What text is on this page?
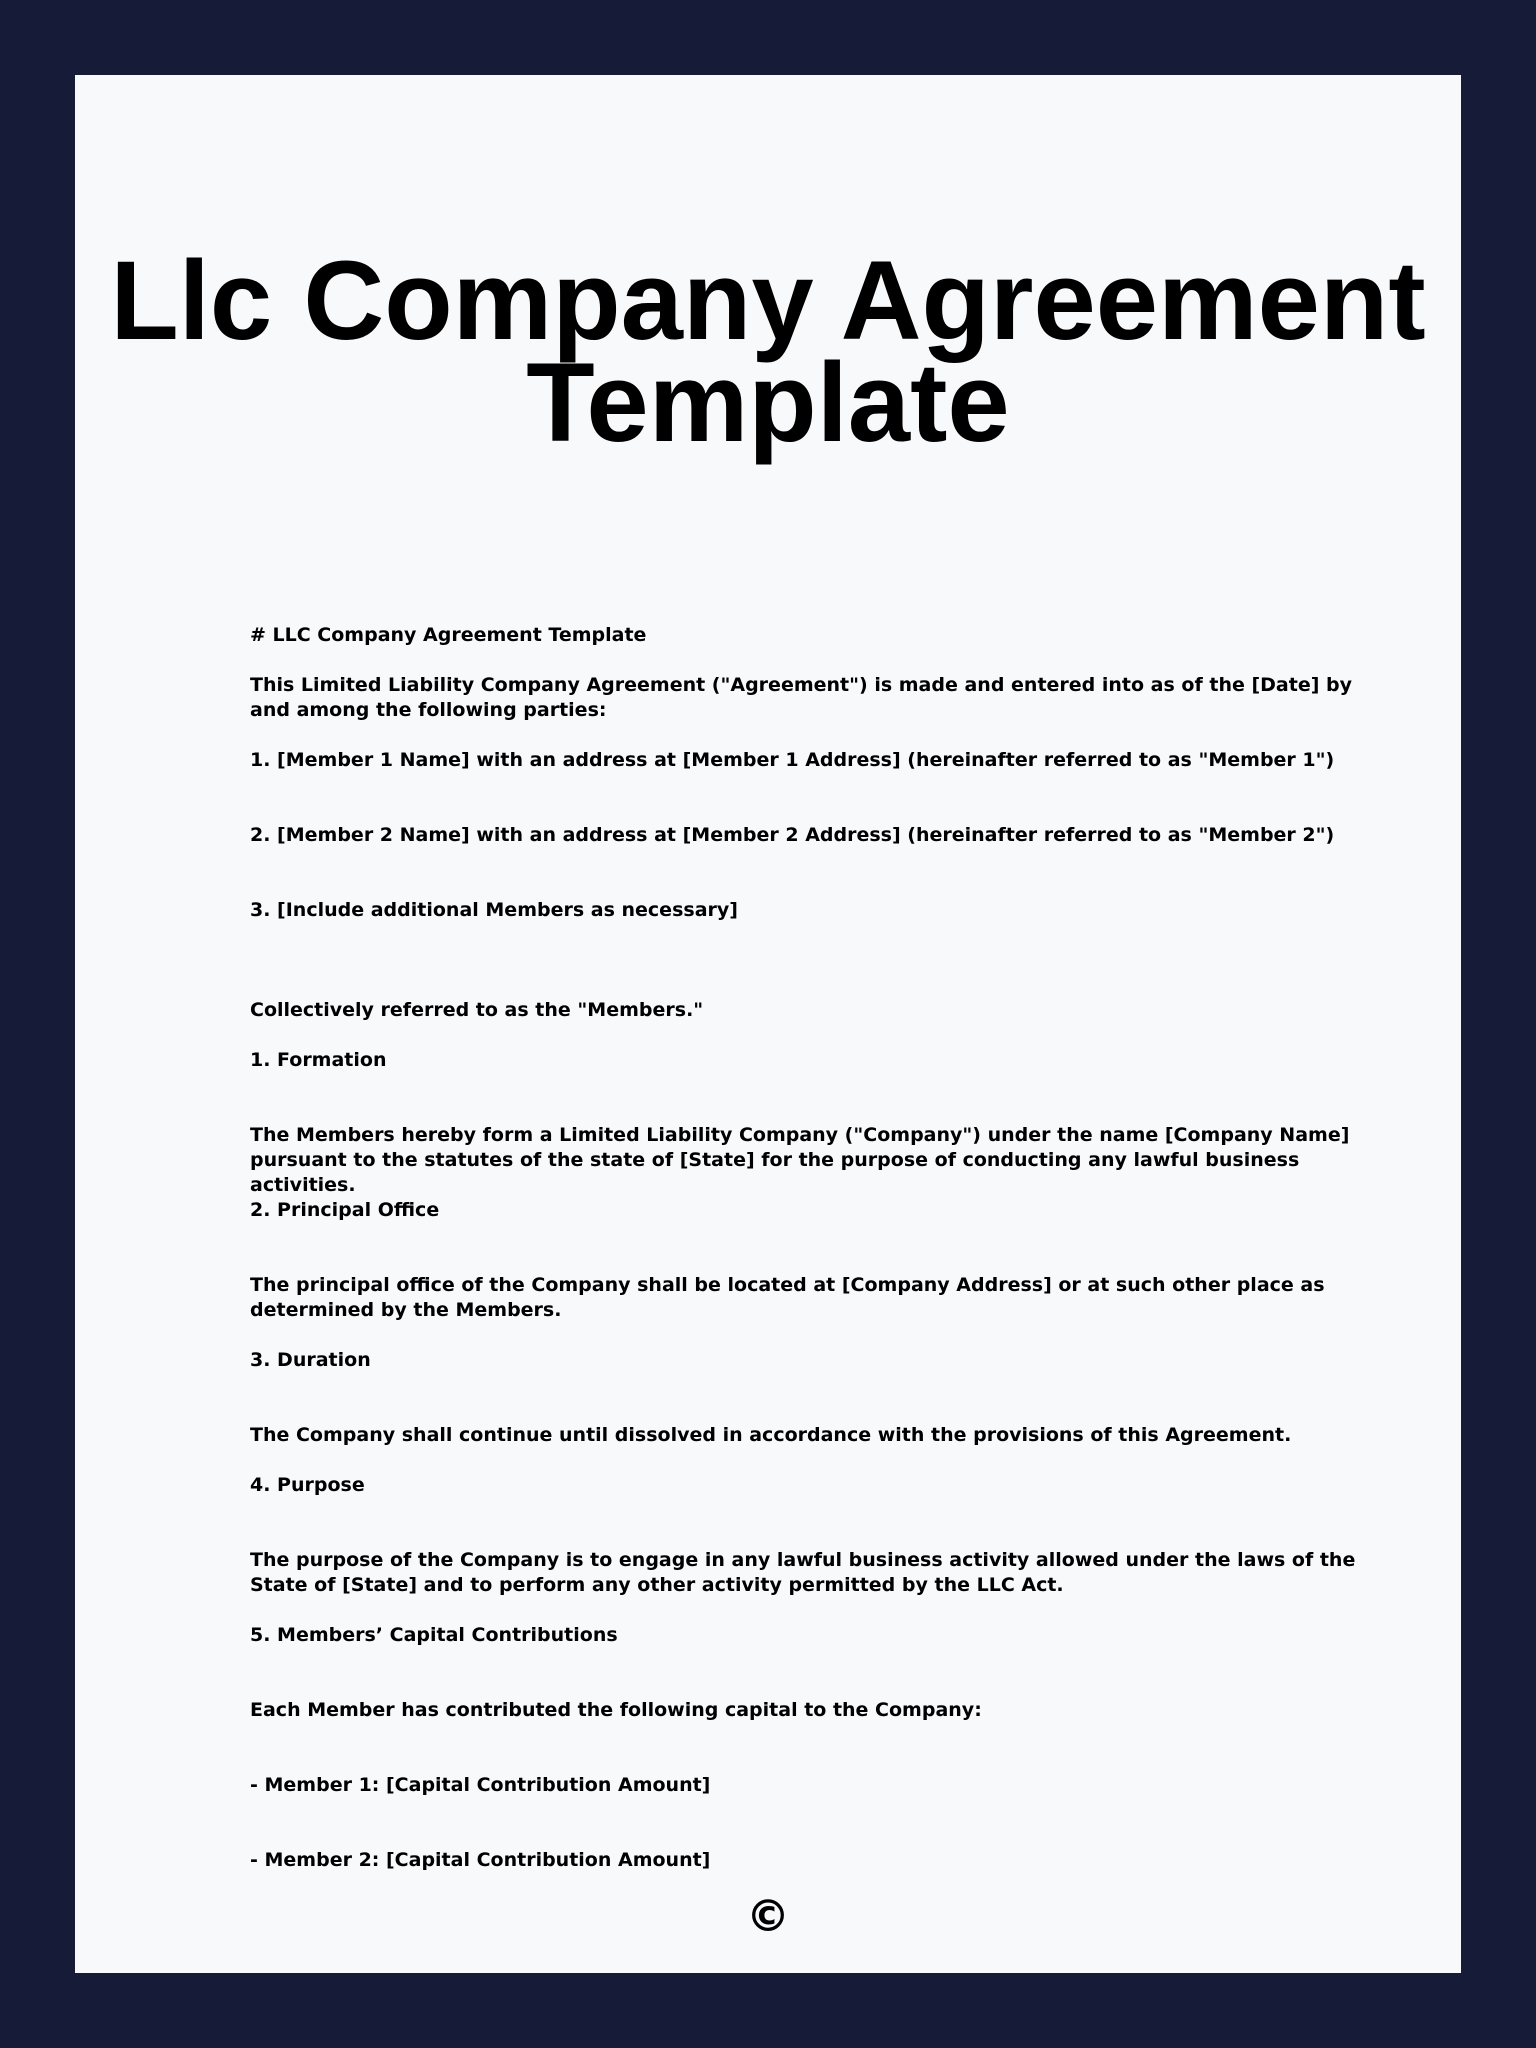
Llc Company Agreement Template

# LLC Company Agreement Template

This Limited Liability Company Agreement ("Agreement") is made and entered into as of the [Date] by and among the following parties:

1. [Member 1 Name] with an address at [Member 1 Address] (hereinafter referred to as "Member 1")

2. [Member 2 Name] with an address at [Member 2 Address] (hereinafter referred to as "Member 2")

3. [Include additional Members as necessary]

Collectively referred to as the "Members."

1. Formation

The Members hereby form a Limited Liability Company ("Company") under the name [Company Name] pursuant to the statutes of the state of [State] for the purpose of conducting any lawful business activities.

2. Principal Office

The principal office of the Company shall be located at [Company Address] or at such other place as determined by the Members.

3. Duration

The Company shall continue until dissolved in accordance with the provisions of this Agreement.

4. Purpose

The purpose of the Company is to engage in any lawful business activity allowed under the laws of the State of [State] and to perform any other activity permitted by the LLC Act.

5. Members’ Capital Contributions

Each Member has contributed the following capital to the Company:

- Member 1: [Capital Contribution Amount]

- Member 2: [Capital Contribution Amount]

©
